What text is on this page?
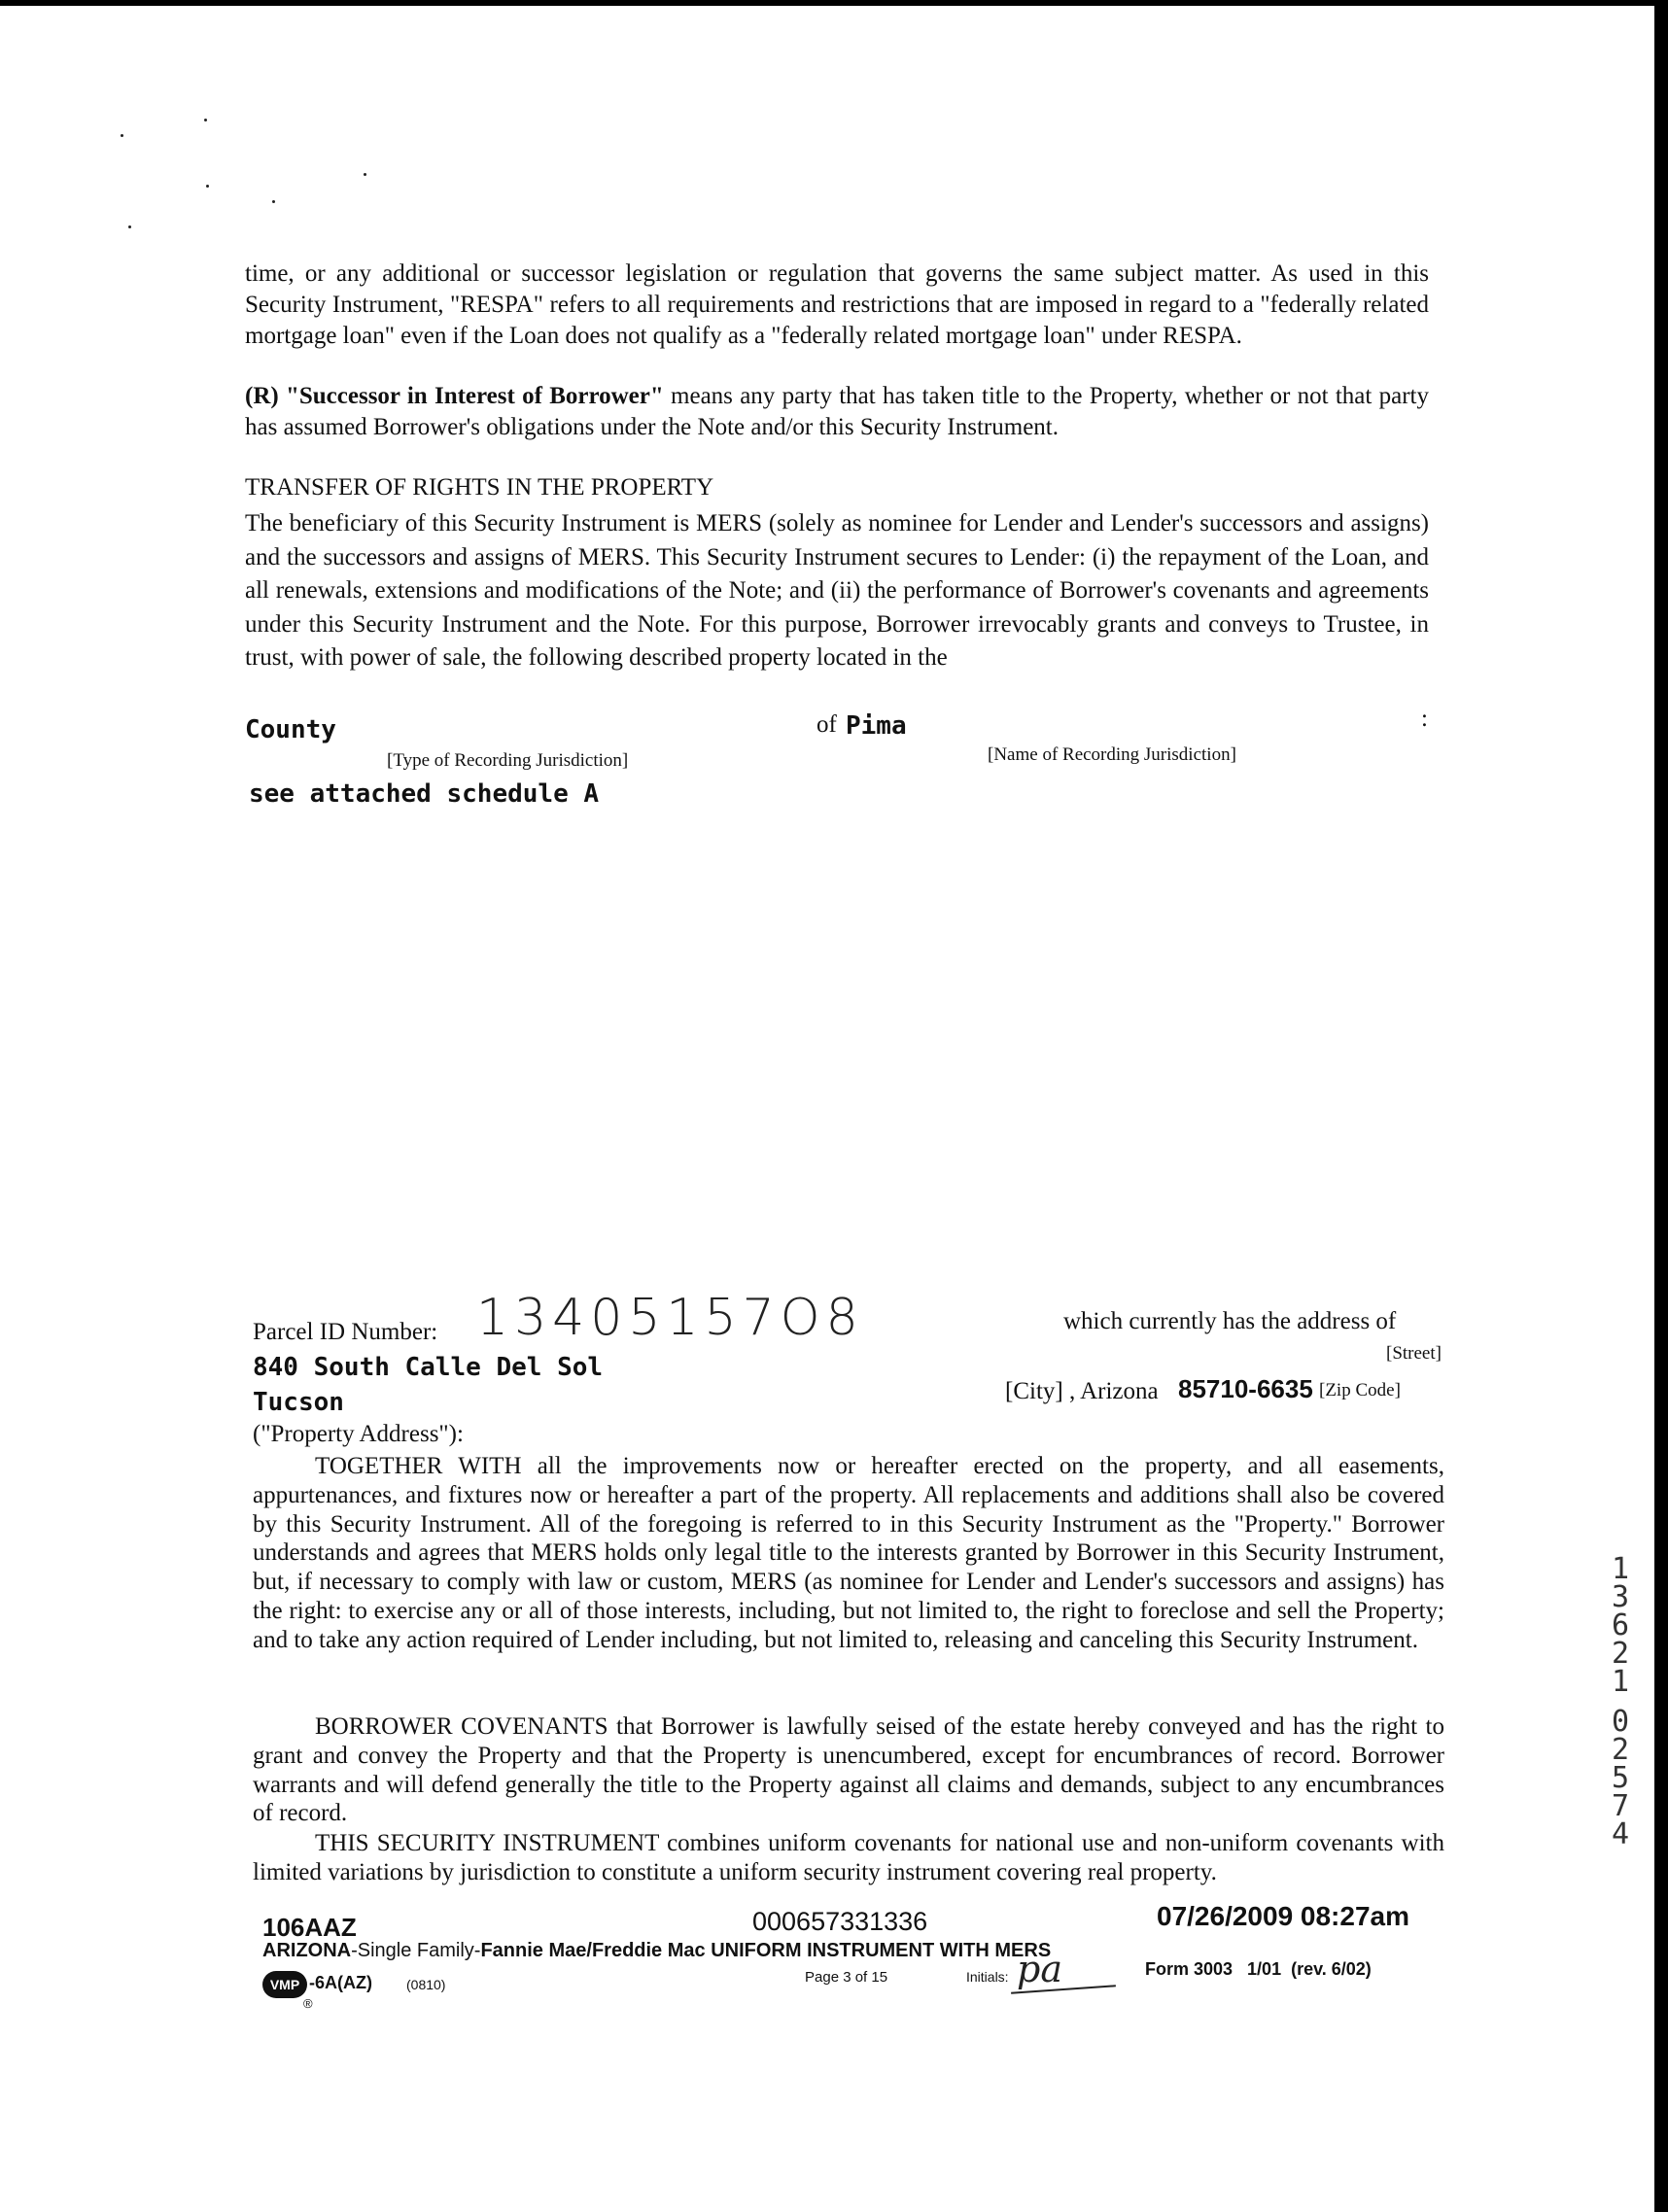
time, or any additional or successor legislation or regulation that governs the same subject matter. As used in this Security Instrument, "RESPA" refers to all requirements and restrictions that are imposed in regard to a "federally related mortgage loan" even if the Loan does not qualify as a "federally related mortgage loan" under RESPA.

(R) "Successor in Interest of Borrower" means any party that has taken title to the Property, whether or not that party has assumed Borrower's obligations under the Note and/or this Security Instrument.

TRANSFER OF RIGHTS IN THE PROPERTY

The beneficiary of this Security Instrument is MERS (solely as nominee for Lender and Lender's successors and assigns) and the successors and assigns of MERS. This Security Instrument secures to Lender: (i) the repayment of the Loan, and all renewals, extensions and modifications of the Note; and (ii) the performance of Borrower's covenants and agreements under this Security Instrument and the Note. For this purpose, Borrower irrevocably grants and conveys to Trustee, in trust, with power of sale, the following described property located in the

County	of Pima	:
[Type of Recording Jurisdiction]	[Name of Recording Jurisdiction]
see attached schedule A
Parcel ID Number: 13405157O8	which currently has the address of
840 South Calle Del Sol	[Street]
Tucson	[City] , Arizona 85710-6635 [Zip Code]
("Property Address"):

TOGETHER WITH all the improvements now or hereafter erected on the property, and all easements, appurtenances, and fixtures now or hereafter a part of the property. All replacements and additions shall also be covered by this Security Instrument. All of the foregoing is referred to in this Security Instrument as the "Property." Borrower understands and agrees that MERS holds only legal title to the interests granted by Borrower in this Security Instrument, but, if necessary to comply with law or custom, MERS (as nominee for Lender and Lender's successors and assigns) has the right: to exercise any or all of those interests, including, but not limited to, the right to foreclose and sell the Property; and to take any action required of Lender including, but not limited to, releasing and canceling this Security Instrument.

BORROWER COVENANTS that Borrower is lawfully seised of the estate hereby conveyed and has the right to grant and convey the Property and that the Property is unencumbered, except for encumbrances of record. Borrower warrants and will defend generally the title to the Property against all claims and demands, subject to any encumbrances of record.

THIS SECURITY INSTRUMENT combines uniform covenants for national use and non-uniform covenants with limited variations by jurisdiction to constitute a uniform security instrument covering real property.

106AAZ	000657331336	07/26/2009 08:27am
ARIZONA-Single Family-Fannie Mae/Freddie Mac UNIFORM INSTRUMENT WITH MERS
VMP -6A(AZ)	(0810)
®
Page 3 of 15	Initials: pa	Form 3003   1/01  (rev. 6/02)
1
3
6
2
1
0
2
5
7
4
